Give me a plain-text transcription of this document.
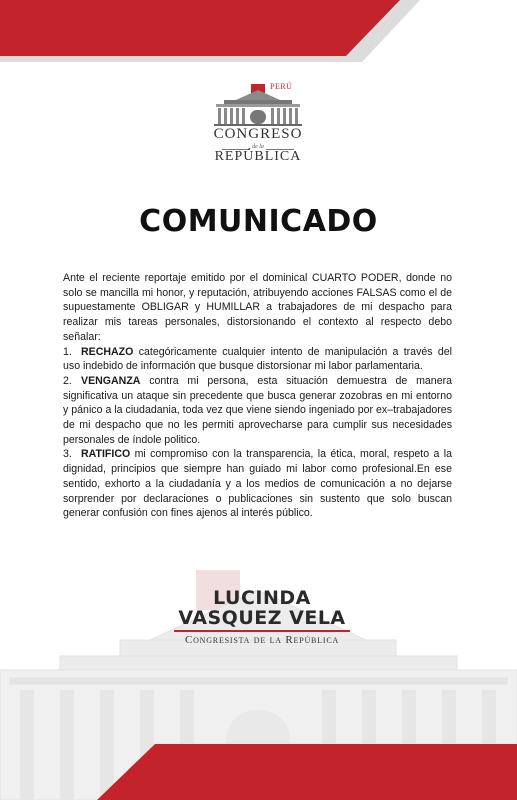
PERÚ
CONGRESO
de la
REPÚBLICA
COMUNICADO

Ante el reciente reportaje emitido por el dominical CUARTO PODER, donde no solo se mancilla mi honor, y reputación, atribuyendo acciones FALSAS como el de supuestamente OBLIGAR y HUMILLAR a trabajadores de mi despacho para realizar mis tareas personales, distorsionando el contexto al respecto debo señalar:

1. RECHAZO categóricamente cualquier intento de manipulación a través del uso indebido de información que busque distorsionar mi labor parlamentaria.

2. VENGANZA contra mi persona, esta situación demuestra de manera significativa un ataque sin precedente que busca generar zozobras en mi entorno y pánico a la ciudadania, toda vez que viene siendo ingeniado por ex–trabajadores de mi despacho que no les permiti aprovecharse para cumplir sus necesidades personales de índole politico.

3. RATIFICO mi compromiso con la transparencia, la ética, moral, respeto a la dignidad, principios que siempre han guiado mi labor como profesional.En ese sentido, exhorto a la ciudadanía y a los medios de comunicación a no dejarse sorprender por declaraciones o publicaciones sin sustento que solo buscan generar confusión con fines ajenos al interés público.

LUCINDA
VASQUEZ VELA
Congresista de la República
